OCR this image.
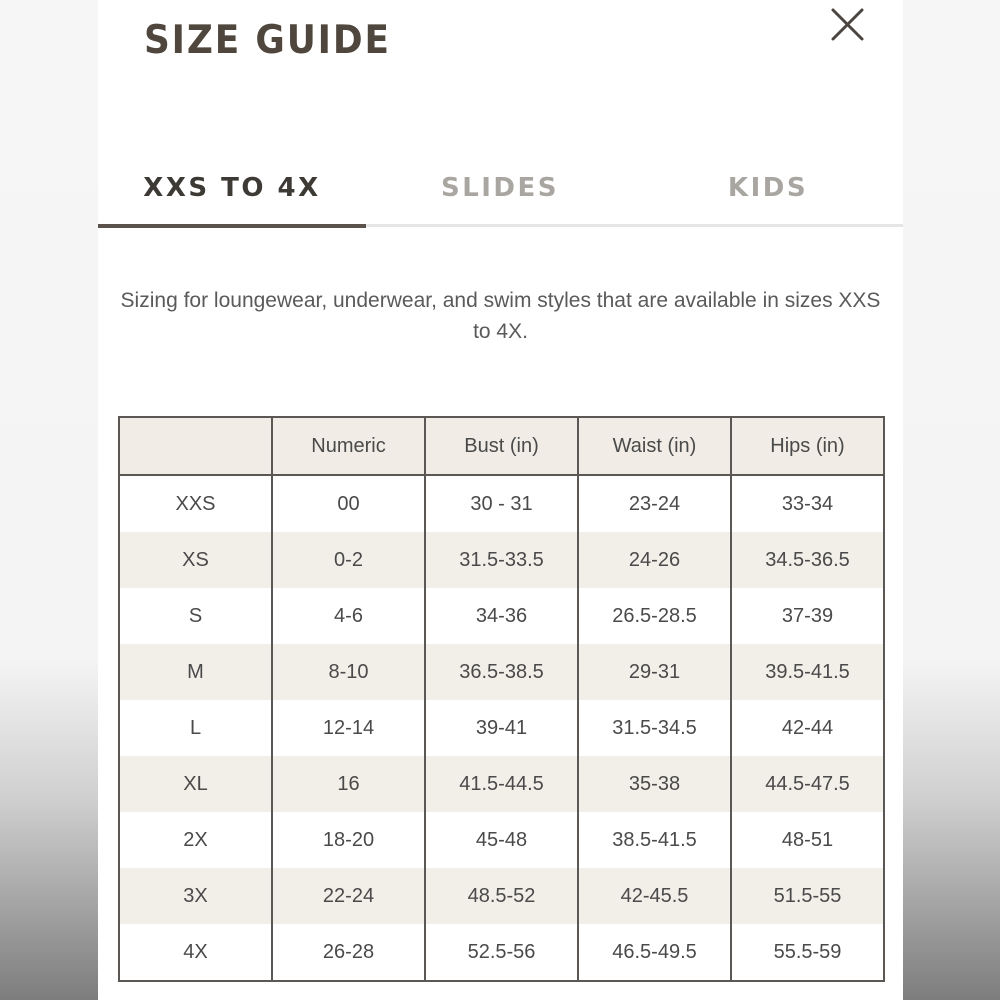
SIZE GUIDE
XXS TO 4X	SLIDES	KIDS

Sizing for loungewear, underwear, and swim styles that are available in sizes XXS to 4X.

	Numeric	Bust (in)	Waist (in)	Hips (in)
XXS	00	30 - 31	23-24	33-34
XS	0-2	31.5-33.5	24-26	34.5-36.5
S	4-6	34-36	26.5-28.5	37-39
M	8-10	36.5-38.5	29-31	39.5-41.5
L	12-14	39-41	31.5-34.5	42-44
XL	16	41.5-44.5	35-38	44.5-47.5
2X	18-20	45-48	38.5-41.5	48-51
3X	22-24	48.5-52	42-45.5	51.5-55
4X	26-28	52.5-56	46.5-49.5	55.5-59
